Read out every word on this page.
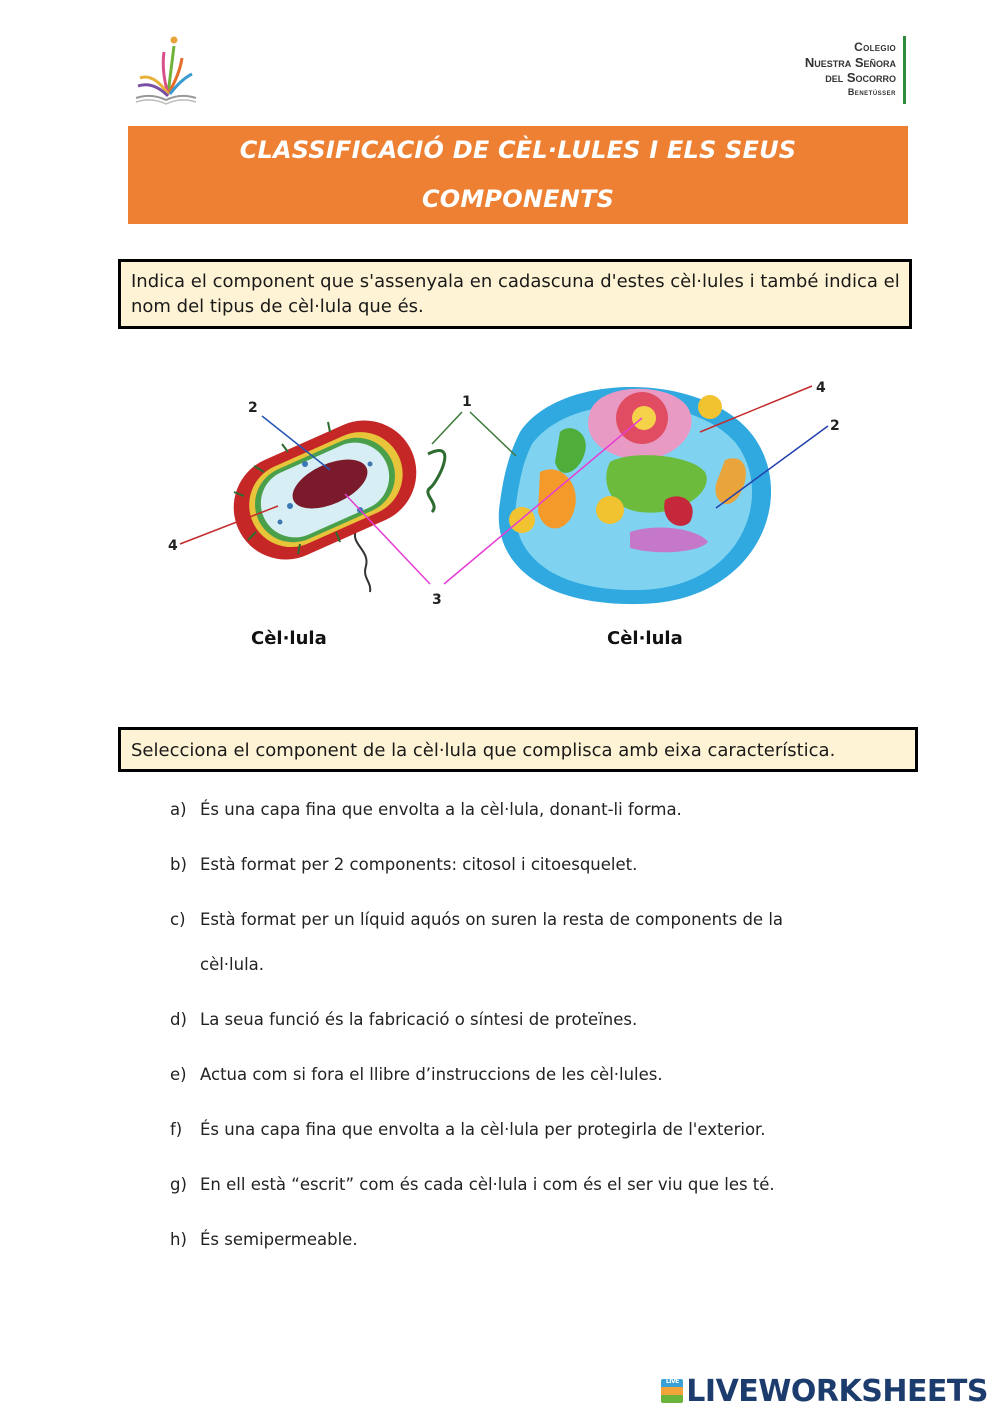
Colegio
Nuestra Señora
del Socorro
Benetússer
CLASSIFICACIÓ DE CÈL·LULES I ELS SEUS
COMPONENTS
Indica el component que s'assenyala en cadascuna d'estes cèl·lules i també indica el nom del tipus de cèl·lula que és.
2
4
1
3
4
2
Cèl·lula	Cèl·lula
Selecciona el component de la cèl·lula que complisca amb eixa característica.
a) És una capa fina que envolta a la cèl·lula, donant-li forma.
b) Està format per 2 components: citosol i citoesquelet.
c) Està format per un líquid aquós on suren la resta de components de la
cèl·lula.
d) La seua funció és la fabricació o síntesi de proteïnes.
e) Actua com si fora el llibre d’instruccions de les cèl·lules.
f) És una capa fina que envolta a la cèl·lula per protegirla de l'exterior.
g) En ell està “escrit” com és cada cèl·lula i com és el ser viu que les té.
h) És semipermeable.
LIVE LIVEWORKSHEETS
